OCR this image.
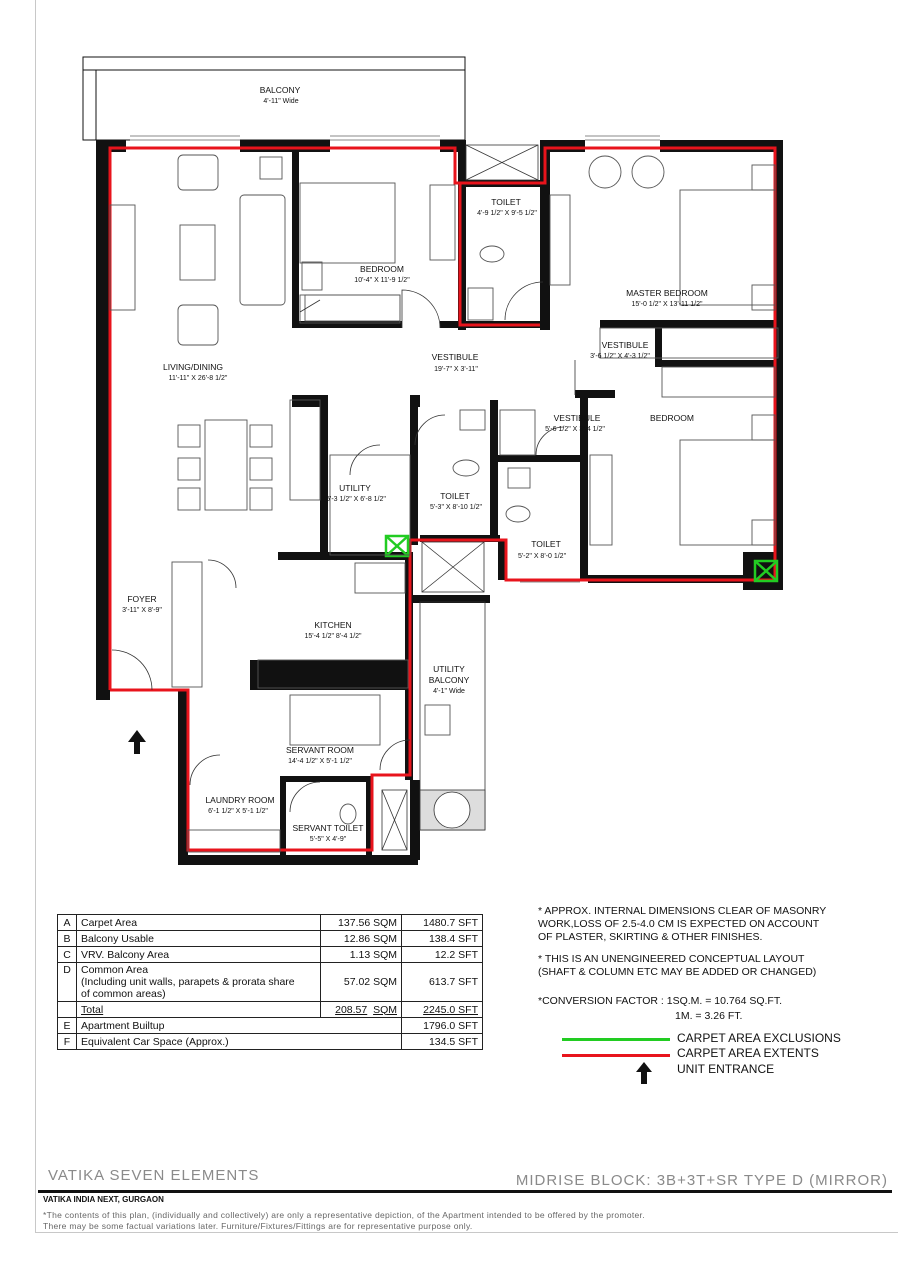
BALCONY
4'-11" Wide
BEDROOM
10'-4" X 11'-9 1/2"
TOILET
4'-9 1/2" X 9'-5 1/2"
MASTER BEDROOM
15'-0 1/2" X 13'-11 1/2"
LIVING/DINING
11'-11" X 26'-8 1/2"
VESTIBULE
19'-7" X 3'-11"
VESTIBULE
3'-6 1/2" X 4'-3 1/2"
VESTIBULE
5'-6 1/2" X 3'-4 1/2"
BEDROOM
UTILITY
5'-3 1/2" X 6'-8 1/2"	TOILET
5'-3" X 8'-10 1/2"
TOILET
5'-2" X 8'-0 1/2"
FOYER
3'-11" X 8'-9"
KITCHEN
15'-4 1/2" 8'-4 1/2"
UTILITY
BALCONY
4'-1" Wide
SERVANT ROOM
14'-4 1/2" X 5'-1 1/2"
LAUNDRY ROOM
6'-1 1/2" X 5'-1 1/2"
SERVANT TOILET
5'-5" X 4'-9"
A	Carpet Area	137.56 SQM	1480.7 SFT
B	Balcony Usable	12.86 SQM	138.4 SFT
C	VRV. Balcony Area	1.13 SQM	12.2 SFT
D	Common Area
(Including unit walls, parapets & prorata share
of common areas)	57.02 SQM	613.7 SFT
	Total	208.57 SQM	2245.0 SFT
E	Apartment Builtup		1796.0 SFT
F	Equivalent Car Space (Approx.)		134.5 SFT

* APPROX. INTERNAL DIMENSIONS CLEAR OF MASONRY
WORK,LOSS OF 2.5-4.0 CM IS EXPECTED ON ACCOUNT
OF PLASTER, SKIRTING & OTHER FINISHES.

* THIS IS AN UNENGINEERED CONCEPTUAL LAYOUT
(SHAFT & COLUMN ETC MAY BE ADDED OR CHANGED)

*CONVERSION FACTOR : 1SQ.M. = 10.764 SQ.FT.
1M. = 3.26 FT.
CARPET AREA EXCLUSIONS
CARPET AREA EXTENTS
UNIT ENTRANCE
VATIKA SEVEN ELEMENTS	MIDRISE BLOCK: 3B+3T+SR TYPE D (MIRROR)
VATIKA INDIA NEXT, GURGAON
*The contents of this plan, (individually and collectively) are only a representative depiction, of the Apartment intended to be offered by the promoter.
There may be some factual variations later. Furniture/Fixtures/Fittings are for representative purpose only.
